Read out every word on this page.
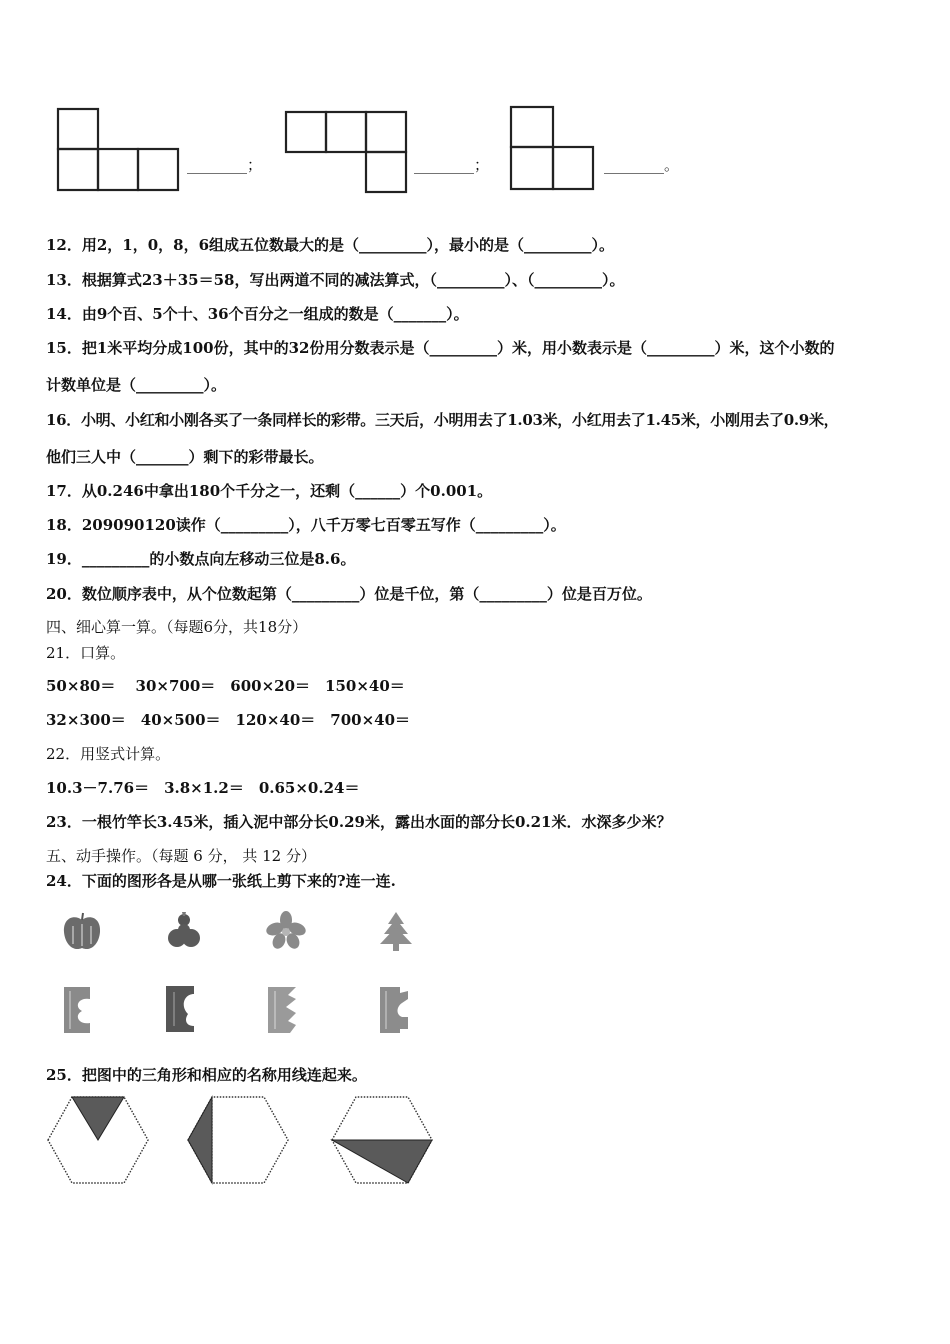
________；	________；	________。
12．用2，1，0，8，6组成五位数最大的是（_________），最小的是（_________）。
13．根据算式23＋35＝58，写出两道不同的减法算式，（_________）、（_________）。
14．由9个百、5个十、36个百分之一组成的数是（_______）。
15．把1米平均分成100份，其中的32份用分数表示是（_________）米，用小数表示是（_________）米，这个小数的
计数单位是（_________）。
16．小明、小红和小刚各买了一条同样长的彩带。三天后，小明用去了1.03米，小红用去了1.45米，小刚用去了0.9米，
他们三人中（_______）剩下的彩带最长。
17．从0.246中拿出180个千分之一，还剩（______）个0.001。
18．209090120读作（_________），八千万零七百零五写作（_________）。
19．_________的小数点向左移动三位是8.6。
20．数位顺序表中，从个位数起第（_________）位是千位，第（_________）位是百万位。
四、细心算一算。（每题6分，共18分）
21．口算。
50×80＝　 30×700＝　600×20＝　150×40＝
32×300＝　40×500＝　120×40＝　700×40＝
22．用竖式计算。
10.3－7.76＝　3.8×1.2＝　0.65×0.24＝
23．一根竹竿长3.45米，插入泥中部分长0.29米，露出水面的部分长0.21米．水深多少米？
五、动手操作。（每题 6 分， 共 12 分）
24．下面的图形各是从哪一张纸上剪下来的?连一连.
25．把图中的三角形和相应的名称用线连起来。
